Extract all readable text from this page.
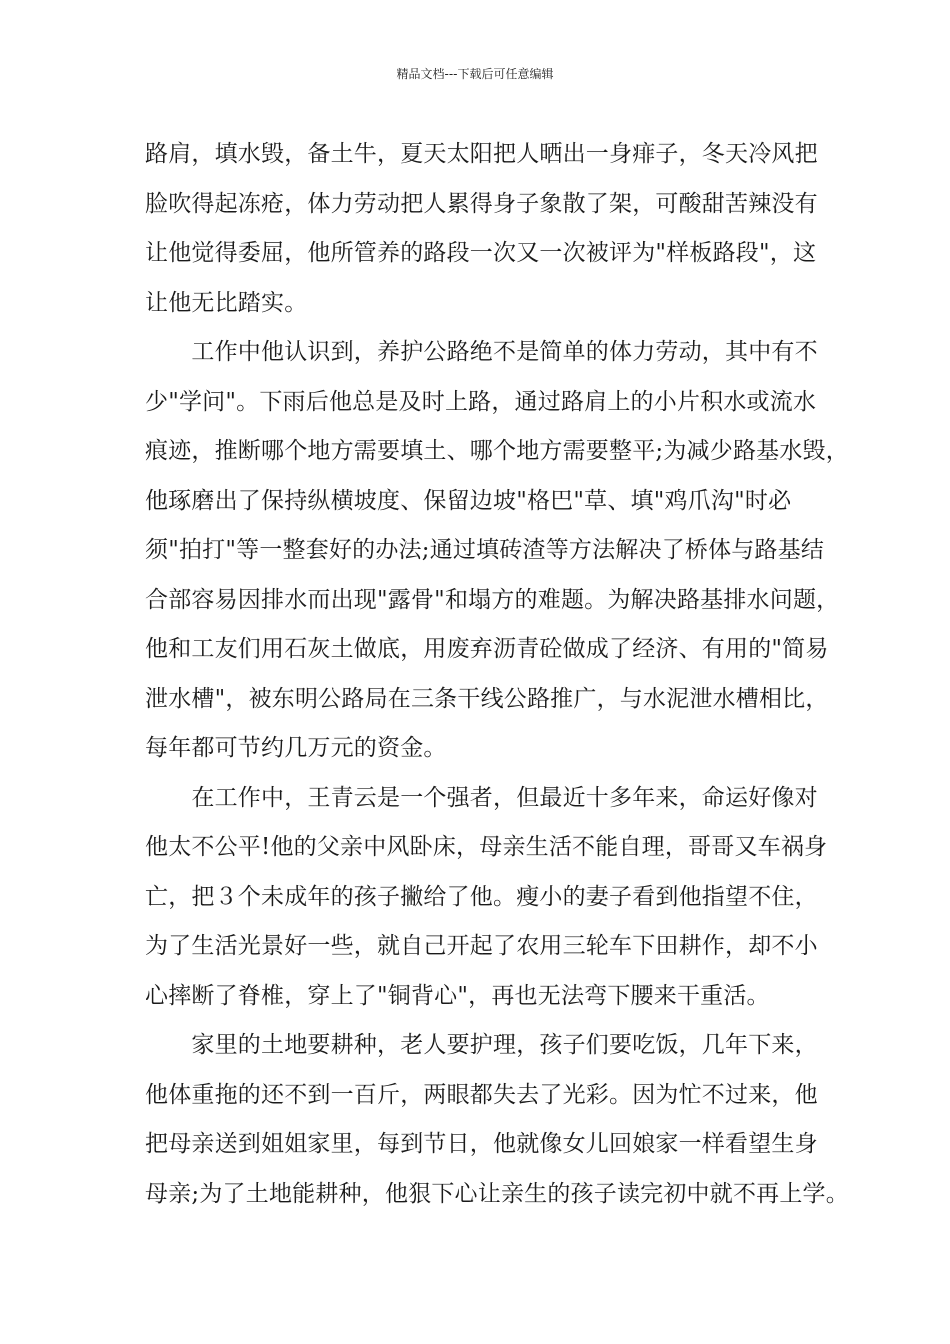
精品文档---下载后可任意编辑
路肩，填水毁，备土牛，夏天太阳把人晒出一身痱子，冬天冷风把
脸吹得起冻疮，体力劳动把人累得身子象散了架，可酸甜苦辣没有
让他觉得委屈，他所管养的路段一次又一次被评为"样板路段"，这
让他无比踏实。
　　工作中他认识到，养护公路绝不是简单的体力劳动，其中有不
少"学问"。下雨后他总是及时上路，通过路肩上的小片积水或流水
痕迹，推断哪个地方需要填土、哪个地方需要整平;为减少路基水毁，
他琢磨出了保持纵横坡度、保留边坡"格巴"草、填"鸡爪沟"时必
须"拍打"等一整套好的办法;通过填砖渣等方法解决了桥体与路基结
合部容易因排水而出现"露骨"和塌方的难题。为解决路基排水问题，
他和工友们用石灰土做底，用废弃沥青砼做成了经济、有用的"简易
泄水槽"，被东明公路局在三条干线公路推广，与水泥泄水槽相比，
每年都可节约几万元的资金。
　　在工作中，王青云是一个强者，但最近十多年来，命运好像对
他太不公平!他的父亲中风卧床，母亲生活不能自理，哥哥又车祸身
亡，把３个未成年的孩子撇给了他。瘦小的妻子看到他指望不住，
为了生活光景好一些，就自己开起了农用三轮车下田耕作，却不小
心摔断了脊椎，穿上了"铜背心"，再也无法弯下腰来干重活。
　　家里的土地要耕种，老人要护理，孩子们要吃饭，几年下来，
他体重拖的还不到一百斤，两眼都失去了光彩。因为忙不过来，他
把母亲送到姐姐家里，每到节日，他就像女儿回娘家一样看望生身
母亲;为了土地能耕种，他狠下心让亲生的孩子读完初中就不再上学。
